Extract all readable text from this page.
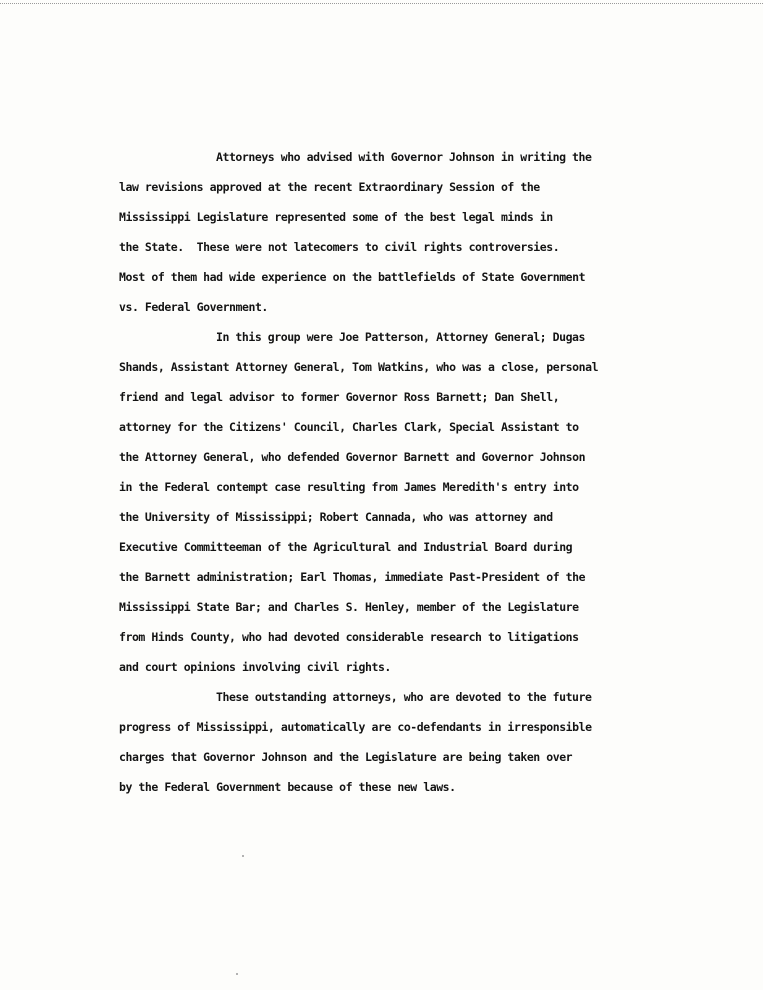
Attorneys who advised with Governor Johnson in writing the
law revisions approved at the recent Extraordinary Session of the
Mississippi Legislature represented some of the best legal minds in
the State.  These were not latecomers to civil rights controversies.
Most of them had wide experience on the battlefields of State Government
vs. Federal Government.
In this group were Joe Patterson, Attorney General; Dugas
Shands, Assistant Attorney General, Tom Watkins, who was a close, personal
friend and legal advisor to former Governor Ross Barnett; Dan Shell,
attorney for the Citizens' Council, Charles Clark, Special Assistant to
the Attorney General, who defended Governor Barnett and Governor Johnson
in the Federal contempt case resulting from James Meredith's entry into
the University of Mississippi; Robert Cannada, who was attorney and
Executive Committeeman of the Agricultural and Industrial Board during
the Barnett administration; Earl Thomas, immediate Past-President of the
Mississippi State Bar; and Charles S. Henley, member of the Legislature
from Hinds County, who had devoted considerable research to litigations
and court opinions involving civil rights.
These outstanding attorneys, who are devoted to the future
progress of Mississippi, automatically are co-defendants in irresponsible
charges that Governor Johnson and the Legislature are being taken over
by the Federal Government because of these new laws.
